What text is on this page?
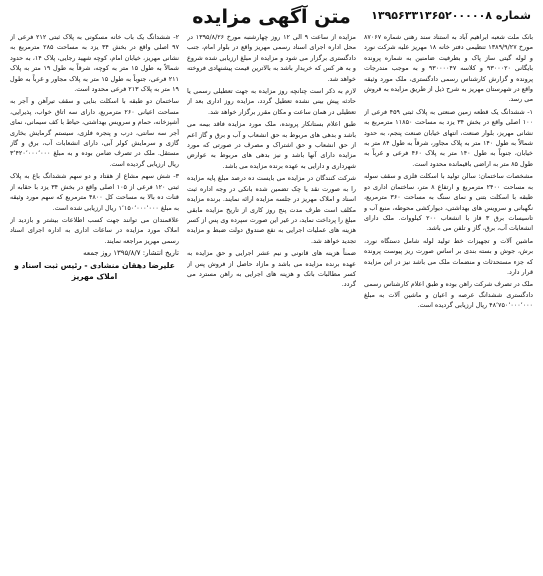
شماره ۱۳۹۵۶۳۳۱۳۶۵۲۰۰۰۰۰۸
متن آگهی مزایده

بانک ملت شعبه ابراهیم آباد به استناد سند رهنی شماره ۸۷۰۶۷ مورخ ۱۳۸۹/۹/۲۷ تنظیمی دفتر خانه ۱۸ مهریز علیه شرکت نورد و لوله گیتی ساز پاک و بطرفیت ضامنین به شماره پرونده بایگانی ۹۳۰۰۰۲۰ و کلاسه ۹۳۰۰۰۰۴۷ و به موجب مندرجات پرونده و گزارش کارشناس رسمی دادگستری، ملک مورد وثیقه واقع در شهرستان مهریز به شرح ذیل از طریق مزایده به فروش می رسد.

۱- ششدانگ یک قطعه زمین صنعتی به پلاک ثبتی ۴۵۹ فرعی از ۱۰۰ اصلی واقع در بخش ۳۴ یزد به مساحت ۱۱۸۵۰ مترمربع به نشانی مهریز، بلوار صنعت، انتهای خیابان صنعت پنجم، به حدود شمالاً به طول ۱۴۰ متر به پلاک مجاور، شرقاً به طول ۸۴ متر به خیابان، جنوباً به طول ۱۴۰ متر به پلاک ۴۶۰ فرعی و غرباً به طول ۸۵ متر به اراضی باقیمانده محدود است.

مشخصات ساختمان: سالن تولید با اسکلت فلزی و سقف سوله به مساحت ۲۴۰۰ مترمربع و ارتفاع ۸ متر، ساختمان اداری دو طبقه با اسکلت بتنی و نمای سنگ به مساحت ۳۶۰ مترمربع، نگهبانی و سرویس های بهداشتی، دیوارکشی محوطه، منبع آب و تاسیسات برق ۳ فاز با انشعاب ۲۰۰ کیلووات. ملک دارای انشعابات آب، برق، گاز و تلفن می باشد.

ماشین آلات و تجهیزات خط تولید لوله شامل دستگاه نورد، برش، جوش و بسته بندی بر اساس صورت ریز پیوست پرونده که جزء مستحدثات و منضمات ملک می باشد نیز در این مزایده قرار دارد.

ملک در تصرف شرکت راهن بوده و طبق اعلام کارشناس رسمی دادگستری ششدانگ عرصه و اعیان و ماشین آلات به مبلغ ۴۸٬۷۵۰٬۰۰۰٬۰۰۰ ریال ارزیابی گردیده است.

مزایده از ساعت ۹ الی ۱۲ روز چهارشنبه مورخ ۱۳۹۵/۸/۲۶ در محل اداره اجرای اسناد رسمی مهریز واقع در بلوار امام، جنب دادگستری برگزار می شود و مزایده از مبلغ ارزیابی شده شروع و به هر کس که خریدار باشد به بالاترین قیمت پیشنهادی فروخته خواهد شد.

لازم به ذکر است چنانچه روز مزایده به جهت تعطیلی رسمی یا حادثه پیش بینی نشده تعطیل گردد، مزایده روز اداری بعد از تعطیلی در همان ساعت و مکان مقرر برگزار خواهد شد.

طبق اعلام بستانکار پرونده، ملک مورد مزایده فاقد بیمه می باشد و بدهی های مربوط به حق انشعاب و آب و برق و گاز اعم از حق انشعاب و حق اشتراک و مصرف در صورتی که مورد مزایده دارای آنها باشد و نیز بدهی های مربوط به عوارض شهرداری و دارایی به عهده برنده مزایده می باشد.

شرکت کنندگان در مزایده می بایست ده درصد مبلغ پایه مزایده را به صورت نقد یا چک تضمین شده بانکی در وجه اداره ثبت اسناد و املاک مهریز در جلسه مزایده ارائه نمایند. برنده مزایده مکلف است ظرف مدت پنج روز کاری از تاریخ مزایده مابقی مبلغ را پرداخت نماید، در غیر این صورت سپرده وی پس از کسر هزینه های عملیات اجرایی به نفع صندوق دولت ضبط و مزایده تجدید خواهد شد.

ضمناً هزینه های قانونی و نیم عشر اجرایی و حق مزایده به عهده برنده مزایده می باشد و مازاد حاصل از فروش پس از کسر مطالبات بانک و هزینه های اجرایی به راهن مسترد می گردد.

۲- ششدانگ یک باب خانه مسکونی به پلاک ثبتی ۲۱۲ فرعی از ۹۷ اصلی واقع در بخش ۳۴ یزد به مساحت ۲۸۵ مترمربع به نشانی مهریز، خیابان امام، کوچه شهید رجایی، پلاک ۱۴، به حدود شمالاً به طول ۱۵ متر به کوچه، شرقاً به طول ۱۹ متر به پلاک ۲۱۱ فرعی، جنوباً به طول ۱۵ متر به پلاک مجاور و غرباً به طول ۱۹ متر به پلاک ۲۱۳ فرعی محدود است.

ساختمان دو طبقه با اسکلت بنایی و سقف تیرآهن و آجر به مساحت اعیانی ۲۶۰ مترمربع، دارای سه اتاق خواب، پذیرایی، آشپزخانه، حمام و سرویس بهداشتی، حیاط با کف سیمانی، نمای آجر سه سانتی، درب و پنجره فلزی، سیستم گرمایش بخاری گازی و سرمایش کولر آبی، دارای انشعابات آب، برق و گاز مستقل. ملک در تصرف ضامن بوده و به مبلغ ۳٬۴۲۰٬۰۰۰٬۰۰۰ ریال ارزیابی گردیده است.

۳- شش سهم مشاع از هفتاد و دو سهم ششدانگ باغ به پلاک ثبتی ۱۲۰ فرعی از ۱۰۵ اصلی واقع در بخش ۳۴ یزد با حقابه از قنات ده بالا به مساحت کل ۴۸۰۰ مترمربع که سهم مورد وثیقه به مبلغ ۱٬۱۵۰٬۰۰۰٬۰۰۰ ریال ارزیابی شده است.

علاقمندان می توانند جهت کسب اطلاعات بیشتر و بازدید از املاک مورد مزایده در ساعات اداری به اداره اجرای اسناد رسمی مهریز مراجعه نمایند.

تاریخ انتشار: ۱۳۹۵/۸/۷ روز جمعه

علیرضا دهقان منشادی - رئیس ثبت اسناد و املاک مهریز
